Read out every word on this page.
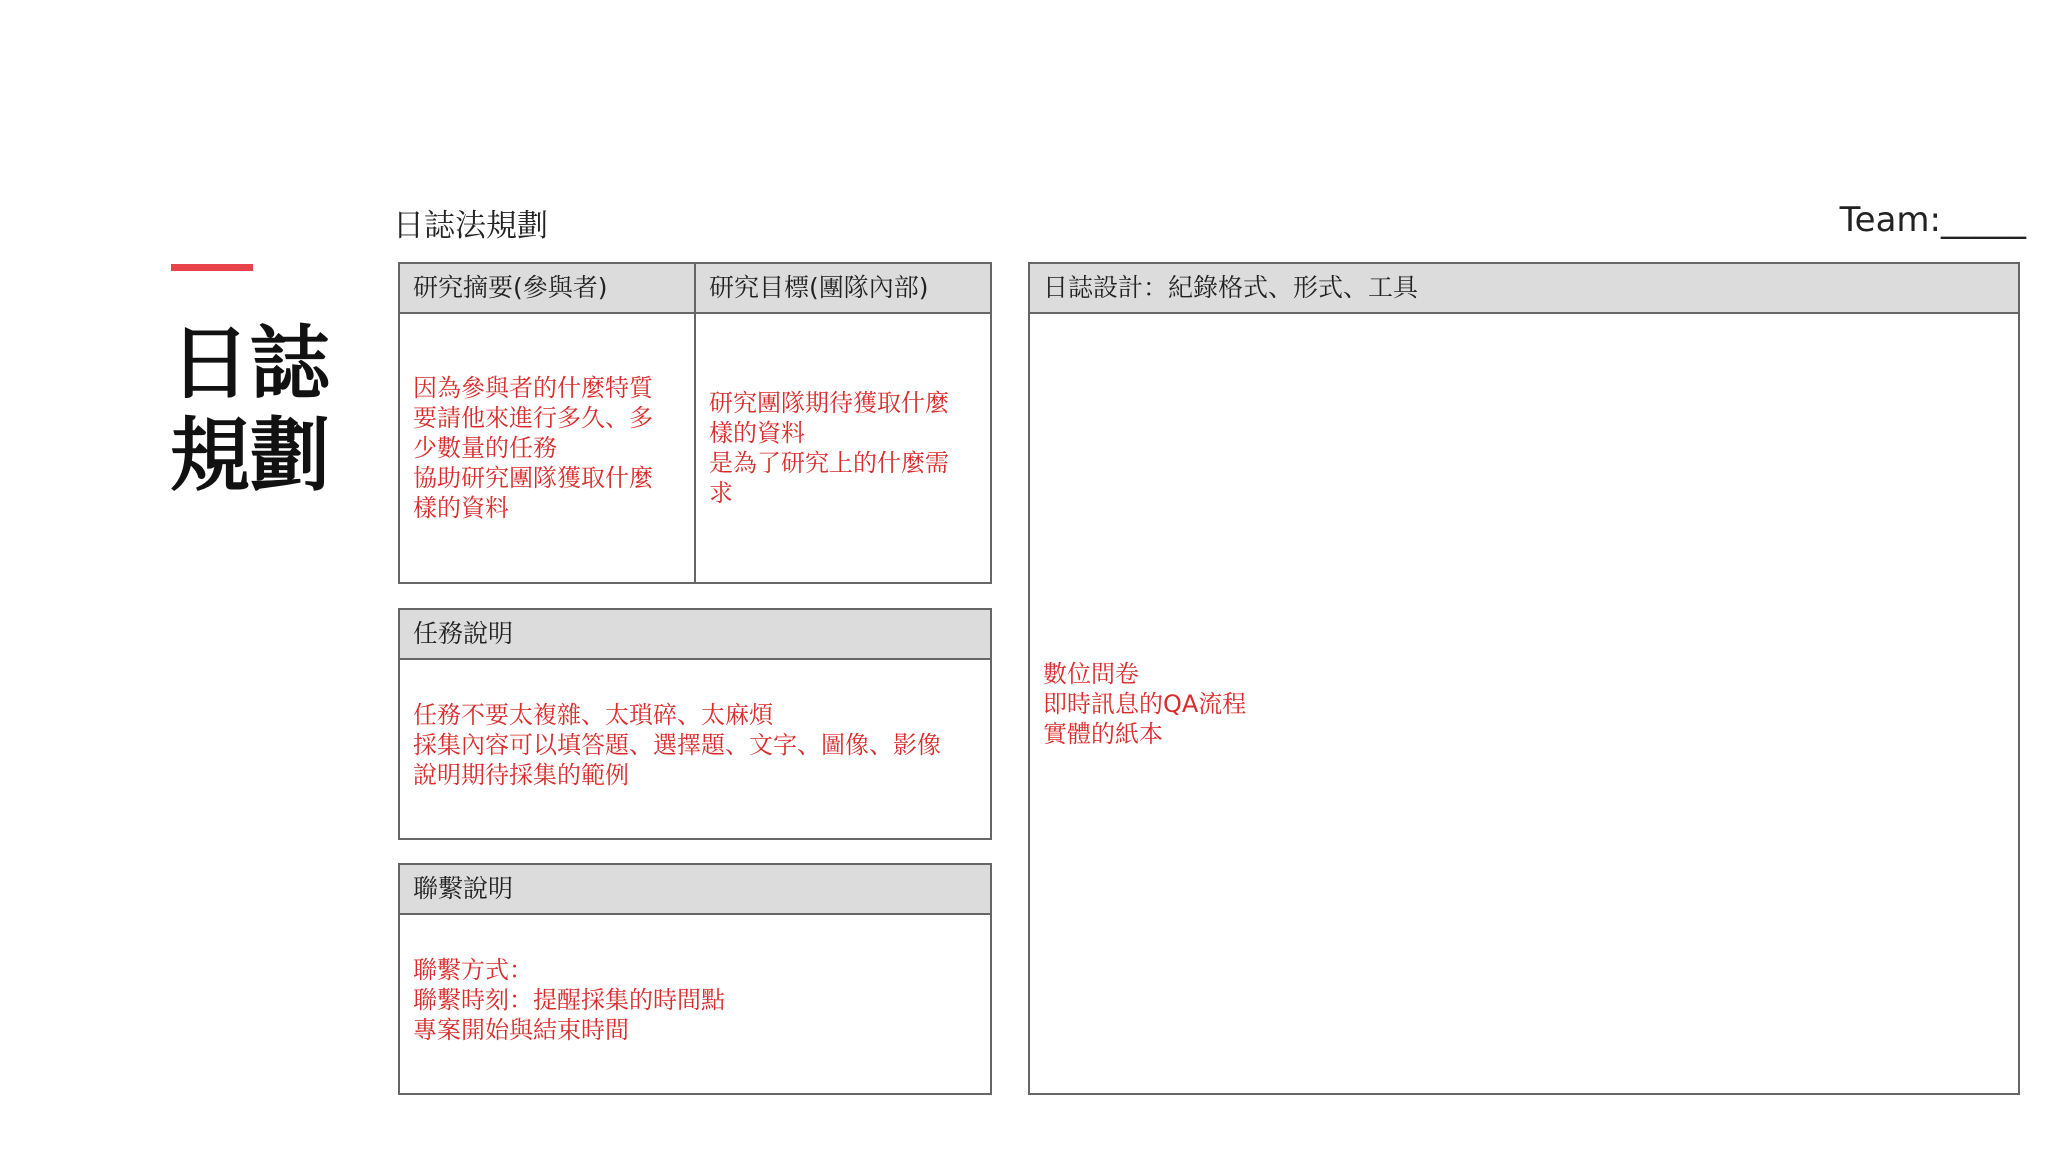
日誌
規劃
日誌法規劃	Team:_____
研究摘要(參與者)
因為參與者的什麼特質
要請他來進行多久、多
少數量的任務
協助研究團隊獲取什麼
樣的資料
研究目標(團隊內部)
研究團隊期待獲取什麼
樣的資料
是為了研究上的什麼需
求
任務說明
任務不要太複雜、太瑣碎、太麻煩
採集內容可以填答題、選擇題、文字、圖像、影像
說明期待採集的範例
聯繫說明
聯繫方式：
聯繫時刻：提醒採集的時間點
專案開始與結束時間
日誌設計：紀錄格式、形式、工具
數位問卷
即時訊息的QA流程
實體的紙本
